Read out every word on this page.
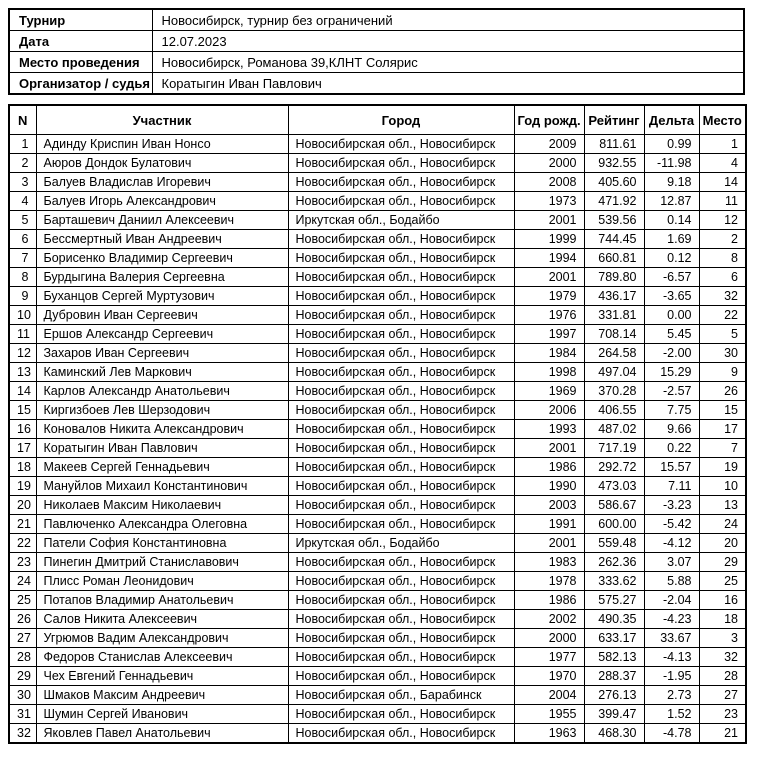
Турнир	Новосибирск, турнир без ограничений
Дата	12.07.2023
Место проведения	Новосибирск, Романова 39,КЛНТ Солярис
Организатор / судья	Коратыгин Иван Павлович
N	Участник	Город	Год рожд.	Рейтинг	Дельта	Место
1	Адинду Криспин Иван Нонсо	Новосибирская обл., Новосибирск	2009	811.61	0.99	1
2	Аюров Дондок Булатович	Новосибирская обл., Новосибирск	2000	932.55	-11.98	4
3	Балуев Владислав Игоревич	Новосибирская обл., Новосибирск	2008	405.60	9.18	14
4	Балуев Игорь Александрович	Новосибирская обл., Новосибирск	1973	471.92	12.87	11
5	Барташевич Даниил Алексеевич	Иркутская обл., Бодайбо	2001	539.56	0.14	12
6	Бессмертный Иван Андреевич	Новосибирская обл., Новосибирск	1999	744.45	1.69	2
7	Борисенко Владимир Сергеевич	Новосибирская обл., Новосибирск	1994	660.81	0.12	8
8	Бурдыгина Валерия Сергеевна	Новосибирская обл., Новосибирск	2001	789.80	-6.57	6
9	Буханцов Сергей Муртузович	Новосибирская обл., Новосибирск	1979	436.17	-3.65	32
10	Дубровин Иван Сергеевич	Новосибирская обл., Новосибирск	1976	331.81	0.00	22
11	Ершов Александр Сергеевич	Новосибирская обл., Новосибирск	1997	708.14	5.45	5
12	Захаров Иван Сергеевич	Новосибирская обл., Новосибирск	1984	264.58	-2.00	30
13	Каминский Лев Маркович	Новосибирская обл., Новосибирск	1998	497.04	15.29	9
14	Карлов Александр Анатольевич	Новосибирская обл., Новосибирск	1969	370.28	-2.57	26
15	Киргизбоев Лев Шерзодович	Новосибирская обл., Новосибирск	2006	406.55	7.75	15
16	Коновалов Никита Александрович	Новосибирская обл., Новосибирск	1993	487.02	9.66	17
17	Коратыгин Иван Павлович	Новосибирская обл., Новосибирск	2001	717.19	0.22	7
18	Макеев Сергей Геннадьевич	Новосибирская обл., Новосибирск	1986	292.72	15.57	19
19	Мануйлов Михаил Константинович	Новосибирская обл., Новосибирск	1990	473.03	7.11	10
20	Николаев Максим Николаевич	Новосибирская обл., Новосибирск	2003	586.67	-3.23	13
21	Павлюченко Александра Олеговна	Новосибирская обл., Новосибирск	1991	600.00	-5.42	24
22	Патели София Константиновна	Иркутская обл., Бодайбо	2001	559.48	-4.12	20
23	Пинегин Дмитрий Станиславович	Новосибирская обл., Новосибирск	1983	262.36	3.07	29
24	Плисс Роман Леонидович	Новосибирская обл., Новосибирск	1978	333.62	5.88	25
25	Потапов Владимир Анатольевич	Новосибирская обл., Новосибирск	1986	575.27	-2.04	16
26	Салов Никита Алексеевич	Новосибирская обл., Новосибирск	2002	490.35	-4.23	18
27	Угрюмов Вадим Александрович	Новосибирская обл., Новосибирск	2000	633.17	33.67	3
28	Федоров Станислав Алексеевич	Новосибирская обл., Новосибирск	1977	582.13	-4.13	32
29	Чех Евгений Геннадьевич	Новосибирская обл., Новосибирск	1970	288.37	-1.95	28
30	Шмаков Максим Андреевич	Новосибирская обл., Барабинск	2004	276.13	2.73	27
31	Шумин Сергей Иванович	Новосибирская обл., Новосибирск	1955	399.47	1.52	23
32	Яковлев Павел Анатольевич	Новосибирская обл., Новосибирск	1963	468.30	-4.78	21
